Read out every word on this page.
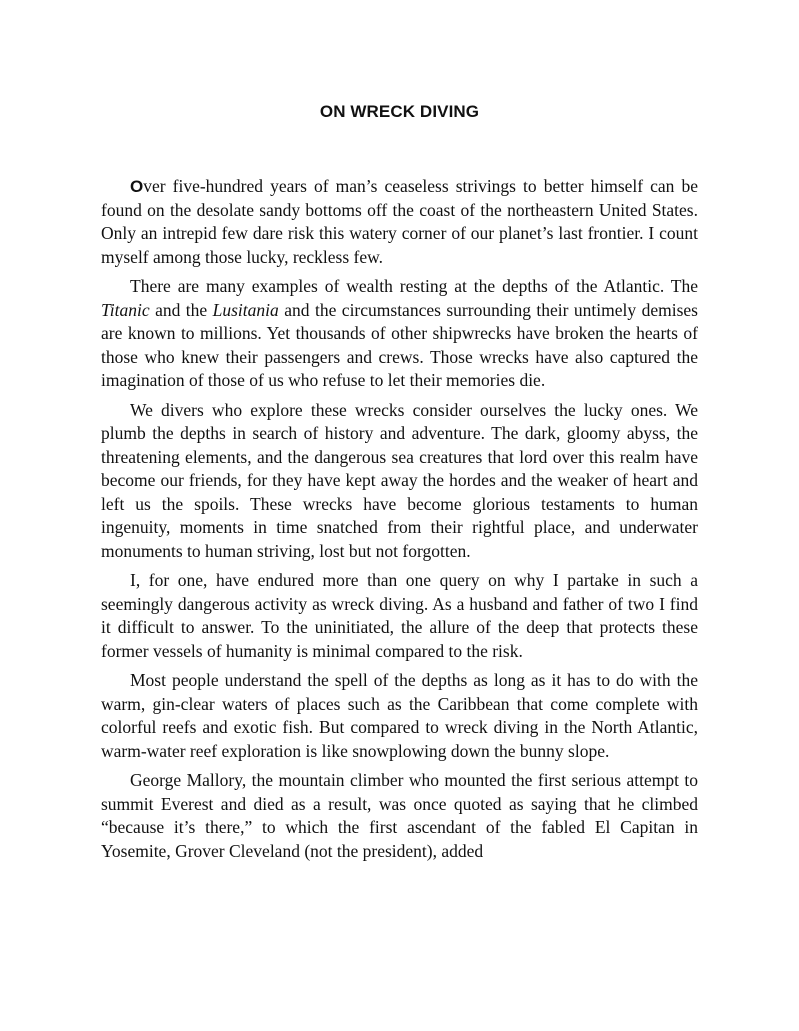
ON WRECK DIVING

Over five-hundred years of man’s ceaseless strivings to better himself can be found on the desolate sandy bottoms off the coast of the northeastern United States. Only an intrepid few dare risk this watery corner of our planet’s last frontier. I count myself among those lucky, reckless few.

There are many examples of wealth resting at the depths of the Atlantic. The Titanic and the Lusitania and the circumstances surrounding their untimely demises are known to millions. Yet thousands of other shipwrecks have broken the hearts of those who knew their passengers and crews. Those wrecks have also captured the imagination of those of us who refuse to let their memories die.

We divers who explore these wrecks consider ourselves the lucky ones. We plumb the depths in search of history and adventure. The dark, gloomy abyss, the threatening elements, and the dangerous sea creatures that lord over this realm have become our friends, for they have kept away the hordes and the weaker of heart and left us the spoils. These wrecks have become glorious testaments to human ingenuity, moments in time snatched from their rightful place, and underwater monuments to human striving, lost but not forgotten.

I, for one, have endured more than one query on why I partake in such a seemingly dangerous activity as wreck diving. As a husband and father of two I find it difficult to answer. To the uninitiated, the allure of the deep that protects these former vessels of humanity is minimal compared to the risk.

Most people understand the spell of the depths as long as it has to do with the warm, gin-clear waters of places such as the Caribbean that come complete with colorful reefs and exotic fish. But compared to wreck diving in the North Atlantic, warm-water reef exploration is like snowplowing down the bunny slope.

George Mallory, the mountain climber who mounted the first serious attempt to summit Everest and died as a result, was once quoted as saying that he climbed “because it’s there,” to which the first ascendant of the fabled El Capitan in Yosemite, Grover Cleveland (not the president), added
